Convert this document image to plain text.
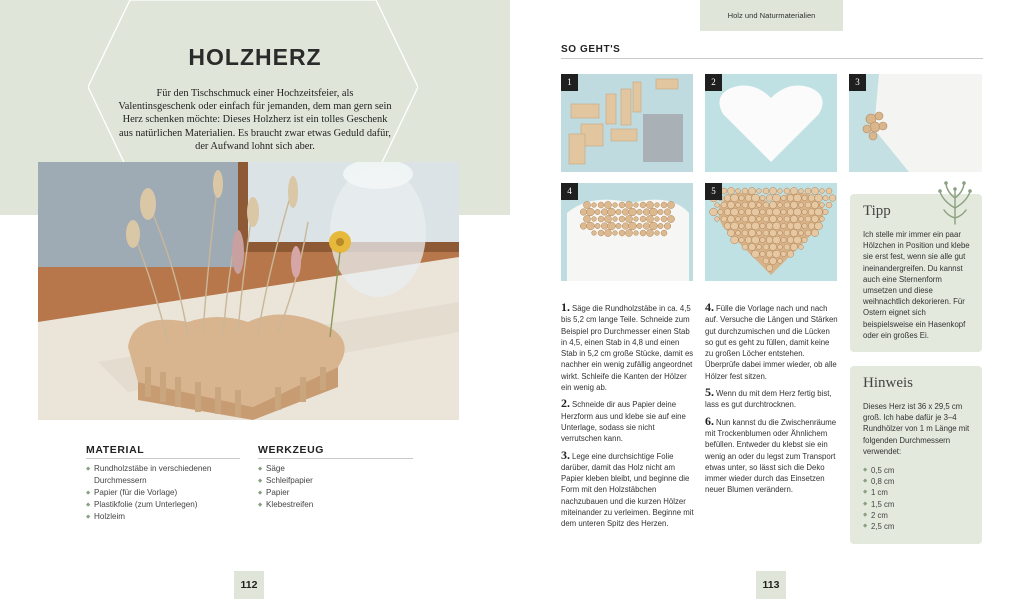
HOLZHERZ
Für den Tischschmuck einer Hochzeitsfeier, als Valentinsgeschenk oder einfach für jemanden, dem man gern sein Herz schenken möchte: Dieses Holzherz ist ein tolles Geschenk aus natürlichen Materialien. Es braucht zwar etwas Geduld dafür, der Aufwand lohnt sich aber.
MATERIAL
◆ Rundholzstäbe in verschiedenen Durchmessern
◆ Papier (für die Vorlage)
◆ Plastikfolie (zum Unterlegen)
◆ Holzleim
WERKZEUG
◆ Säge
◆ Schleifpapier
◆ Papier
◆ Klebestreifen
112
Holz und Naturmaterialien
SO GEHT'S
1	2	3
4	5

1. Säge die Rundholzstäbe in ca. 4,5 bis 5,2 cm lange Teile. Schneide zum Beispiel pro Durchmesser einen Stab in 4,5, einen Stab in 4,8 und einen Stab in 5,2 cm große Stücke, damit es nachher ein wenig zufällig angeordnet wirkt. Schleife die Kanten der Hölzer ein wenig ab.

2. Schneide dir aus Papier deine Herzform aus und klebe sie auf eine Unterlage, sodass sie nicht verrutschen kann.

3. Lege eine durchsichtige Folie darüber, damit das Holz nicht am Papier kleben bleibt, und beginne die Form mit den Holzstäbchen nachzubauen und die kurzen Hölzer miteinander zu verleimen. Beginne mit dem unteren Spitz des Herzen.

4. Fülle die Vorlage nach und nach auf. Versuche die Längen und Stärken gut durchzumischen und die Lücken so gut es geht zu füllen, damit keine zu großen Löcher entstehen. Überprüfe dabei immer wieder, ob alle Hölzer fest sitzen.

5. Wenn du mit dem Herz fertig bist, lass es gut durchtrocknen.

6. Nun kannst du die Zwischenräume mit Trockenblumen oder Ähnlichem befüllen. Entweder du klebst sie ein wenig an oder du legst zum Transport etwas unter, so lässt sich die Deko immer wieder durch das Einsetzen neuer Blumen verändern.

Tipp
Ich stelle mir immer ein paar Hölzchen in Position und klebe sie erst fest, wenn sie alle gut ineinandergreifen. Du kannst auch eine Sternenform umsetzen und diese weihnachtlich dekorieren. Für Ostern eignet sich beispielsweise ein Hasenkopf oder ein großes Ei.
Hinweis
Dieses Herz ist 36 x 29,5 cm groß. Ich habe dafür je 3–4 Rundhölzer von 1 m Länge mit folgenden Durchmessern verwendet:
◆ 0,5 cm
◆ 0,8 cm
◆ 1 cm
◆ 1,5 cm
◆ 2 cm
◆ 2,5 cm
113
